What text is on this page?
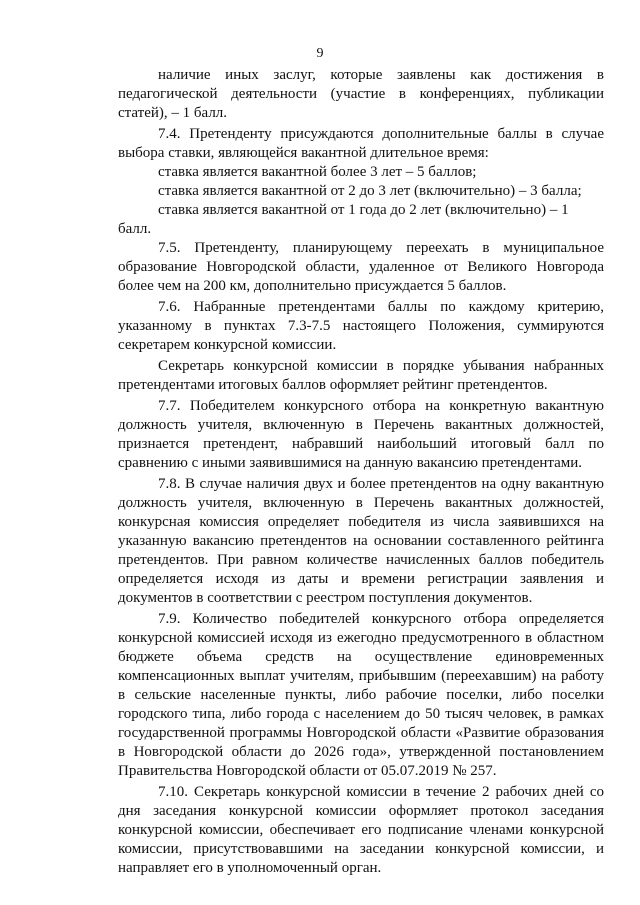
9

наличие иных заслуг, которые заявлены как достижения в педагогической деятельности (участие в конференциях, публикации статей), – 1 балл.

7.4. Претенденту присуждаются дополнительные баллы в случае выбора ставки, являющейся вакантной длительное время:

ставка является вакантной более 3 лет – 5 баллов;

ставка является вакантной от 2 до 3 лет (включительно) – 3 балла;

ставка является вакантной от 1 года до 2 лет (включительно) – 1 балл.

7.5. Претенденту, планирующему переехать в муниципальное образование Новгородской области, удаленное от Великого Новгорода более чем на 200 км, дополнительно присуждается 5 баллов.

7.6. Набранные претендентами баллы по каждому критерию, указанному в пунктах 7.3-7.5 настоящего Положения, суммируются секретарем конкурсной комиссии.

Секретарь конкурсной комиссии в порядке убывания набранных претендентами итоговых баллов оформляет рейтинг претендентов.

7.7. Победителем конкурсного отбора на конкретную вакантную должность учителя, включенную в Перечень вакантных должностей, признается претендент, набравший наибольший итоговый балл по сравнению с иными заявившимися на данную вакансию претендентами.

7.8. В случае наличия двух и более претендентов на одну вакантную должность учителя, включенную в Перечень вакантных должностей, конкурсная комиссия определяет победителя из числа заявившихся на указанную вакансию претендентов на основании составленного рейтинга претендентов. При равном количестве начисленных баллов победитель определяется исходя из даты и времени регистрации заявления и документов в соответствии с реестром поступления документов.

7.9. Количество победителей конкурсного отбора определяется конкурсной комиссией исходя из ежегодно предусмотренного в областном бюджете объема средств на осуществление единовременных компенсационных выплат учителям, прибывшим (переехавшим) на работу в сельские населенные пункты, либо рабочие поселки, либо поселки городского типа, либо города с населением до 50 тысяч человек, в рамках государственной программы Новгородской области «Развитие образования в Новгородской области до 2026 года», утвержденной постановлением Правительства Новгородской области от 05.07.2019 № 257.

7.10. Секретарь конкурсной комиссии в течение 2 рабочих дней со дня заседания конкурсной комиссии оформляет протокол заседания конкурсной комиссии, обеспечивает его подписание членами конкурсной комиссии, присутствовавшими на заседании конкурсной комиссии, и направляет его в уполномоченный орган.
